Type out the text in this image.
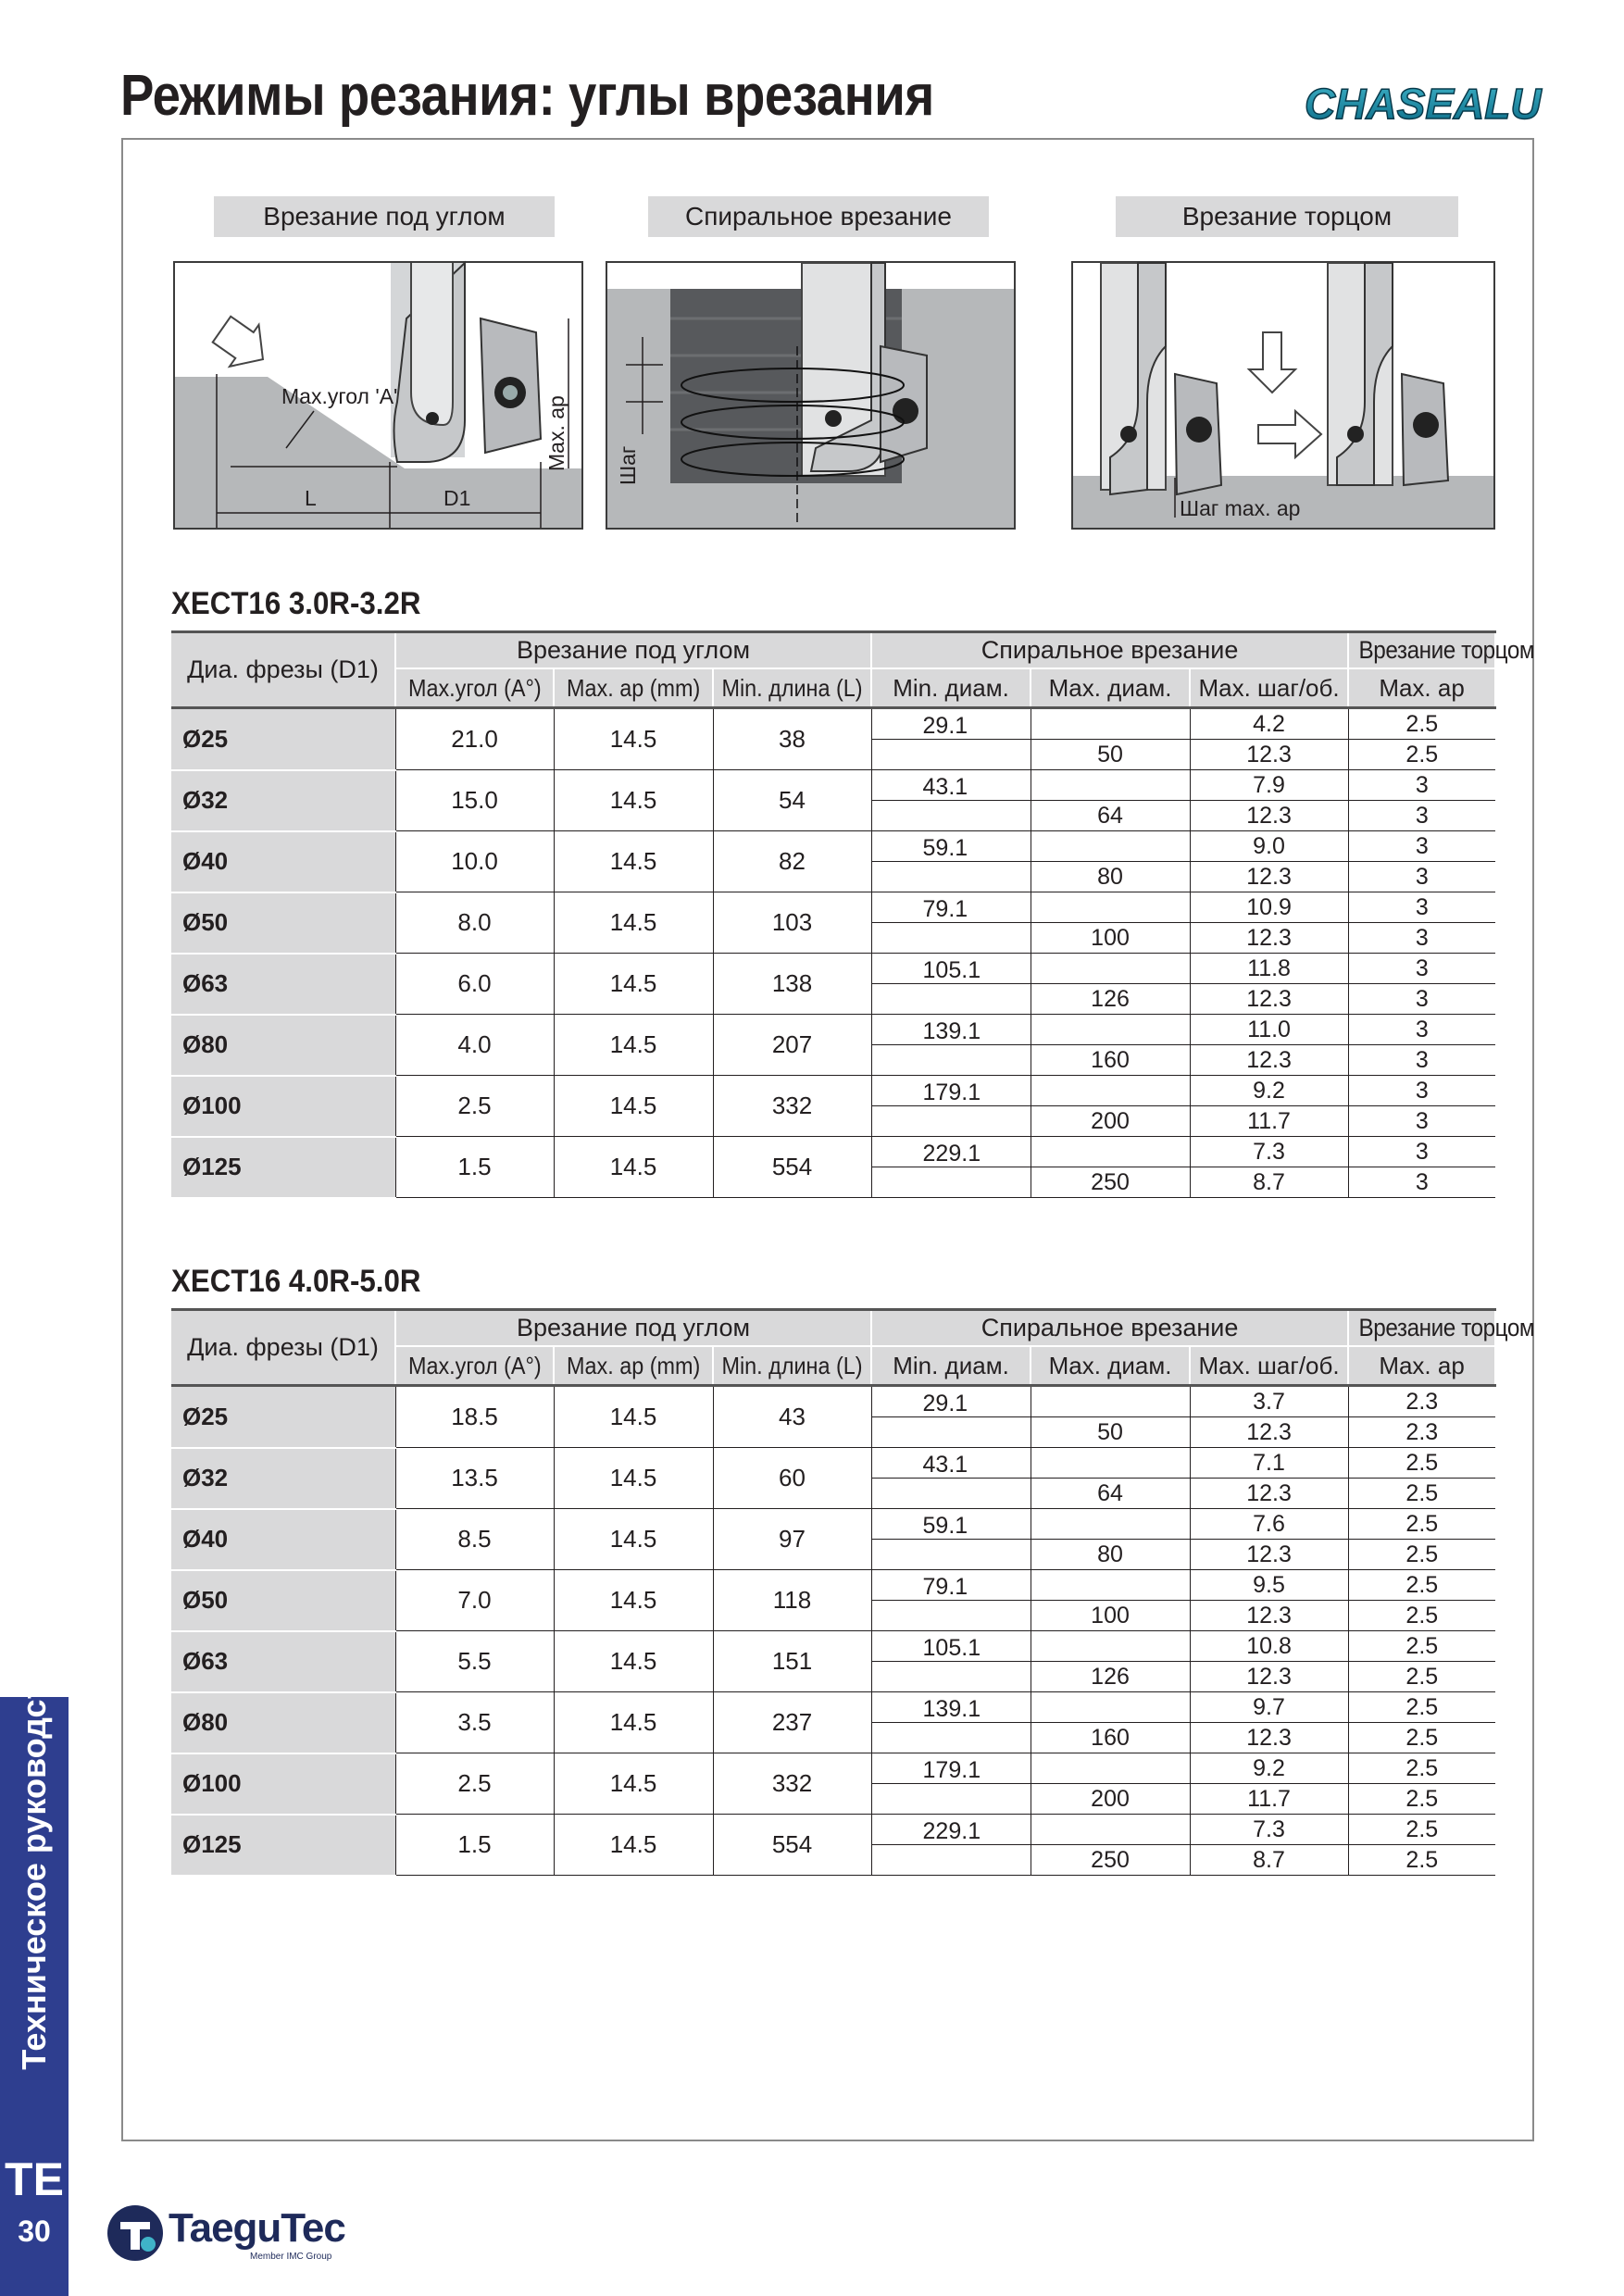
Режимы резания: углы врезания	CHASEALU
Врезание под углом	Спиральное врезание	Врезание торцом
Max.угол 'A'
L	D1
Max. ap Шаг
Шаг max. ap
XECT16 3.0R-3.2R
Диа. фрезы (D1)	Врезание под углом			Спиральное врезание			Врезание торцом
	Max.угол (A°)	Max. ap (mm)	Min. длина (L)	Min. диам.	Max. диам.	Max. шаг/об.	Max. ap
Ø25	21.0	14.5	38	29.1		4.2	2.5
					50	12.3	2.5
Ø32	15.0	14.5	54	43.1		7.9	3
					64	12.3	3
Ø40	10.0	14.5	82	59.1		9.0	3
					80	12.3	3
Ø50	8.0	14.5	103	79.1		10.9	3
					100	12.3	3
Ø63	6.0	14.5	138	105.1		11.8	3
					126	12.3	3
Ø80	4.0	14.5	207	139.1		11.0	3
					160	12.3	3
Ø100	2.5	14.5	332	179.1		9.2	3
					200	11.7	3
Ø125	1.5	14.5	554	229.1		7.3	3
					250	8.7	3
XECT16 4.0R-5.0R
Диа. фрезы (D1)	Врезание под углом			Спиральное врезание			Врезание торцом
	Max.угол (A°)	Max. ap (mm)	Min. длина (L)	Min. диам.	Max. диам.	Max. шаг/об.	Max. ap
Ø25	18.5	14.5	43	29.1		3.7	2.3
					50	12.3	2.3
Ø32	13.5	14.5	60	43.1		7.1	2.5
					64	12.3	2.5
Ø40	8.5	14.5	97	59.1		7.6	2.5
					80	12.3	2.5
Ø50	7.0	14.5	118	79.1		9.5	2.5
					100	12.3	2.5
Ø63	5.5	14.5	151	105.1		10.8	2.5
					126	12.3	2.5
Ø80	3.5	14.5	237	139.1		9.7	2.5
					160	12.3	2.5
Ø100	2.5	14.5	332	179.1		9.2	2.5
					200	11.7	2.5
Ø125	1.5	14.5	554	229.1		7.3	2.5
					250	8.7	2.5
Техническое руководство
TE
30	TaeguTec
Member IMC Group
